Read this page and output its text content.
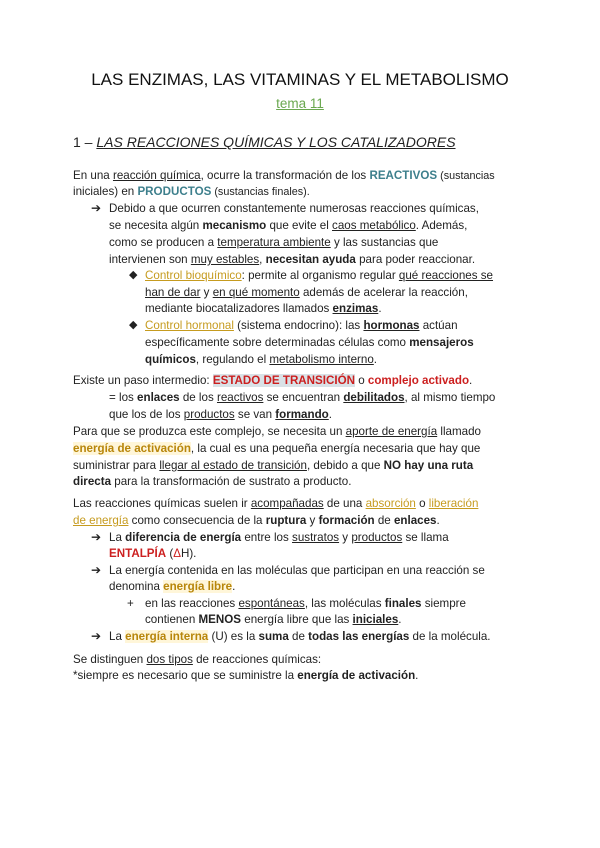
LAS ENZIMAS, LAS VITAMINAS Y EL METABOLISMO
tema 11
1 – LAS REACCIONES QUÍMICAS Y LOS CATALIZADORES
En una reacción química, ocurre la transformación de los REACTIVOS (sustancias
iniciales) en PRODUCTOS (sustancias finales).
➔ Debido a que ocurren constantemente numerosas reacciones químicas,
se necesita algún mecanismo que evite el caos metabólico. Además,
como se producen a temperatura ambiente y las sustancias que
intervienen son muy estables, necesitan ayuda para poder reaccionar.
◆ Control bioquímico: permite al organismo regular qué reacciones se
han de dar y en qué momento además de acelerar la reacción,
mediante biocatalizadores llamados enzimas.
◆ Control hormonal (sistema endocrino): las hormonas actúan
específicamente sobre determinadas células como mensajeros
químicos, regulando el metabolismo interno.
Existe un paso intermedio: ESTADO DE TRANSICIÓN o complejo activado.
= los enlaces de los reactivos se encuentran debilitados, al mismo tiempo
que los de los productos se van formando.
Para que se produzca este complejo, se necesita un aporte de energía llamado
energía de activación, la cual es una pequeña energía necesaria que hay que
suministrar para llegar al estado de transición, debido a que NO hay una ruta
directa para la transformación de sustrato a producto.
Las reacciones químicas suelen ir acompañadas de una absorción o liberación
de energía como consecuencia de la ruptura y formación de enlaces.
➔ La diferencia de energía entre los sustratos y productos se llama
ENTALPÍA (ΔH).
➔ La energía contenida en las moléculas que participan en una reacción se
denomina energía libre.
+ en las reacciones espontáneas, las moléculas finales siempre
contienen MENOS energía libre que las iniciales.
➔ La energía interna (U) es la suma de todas las energías de la molécula.
Se distinguen dos tipos de reacciones químicas:
*siempre es necesario que se suministre la energía de activación.
